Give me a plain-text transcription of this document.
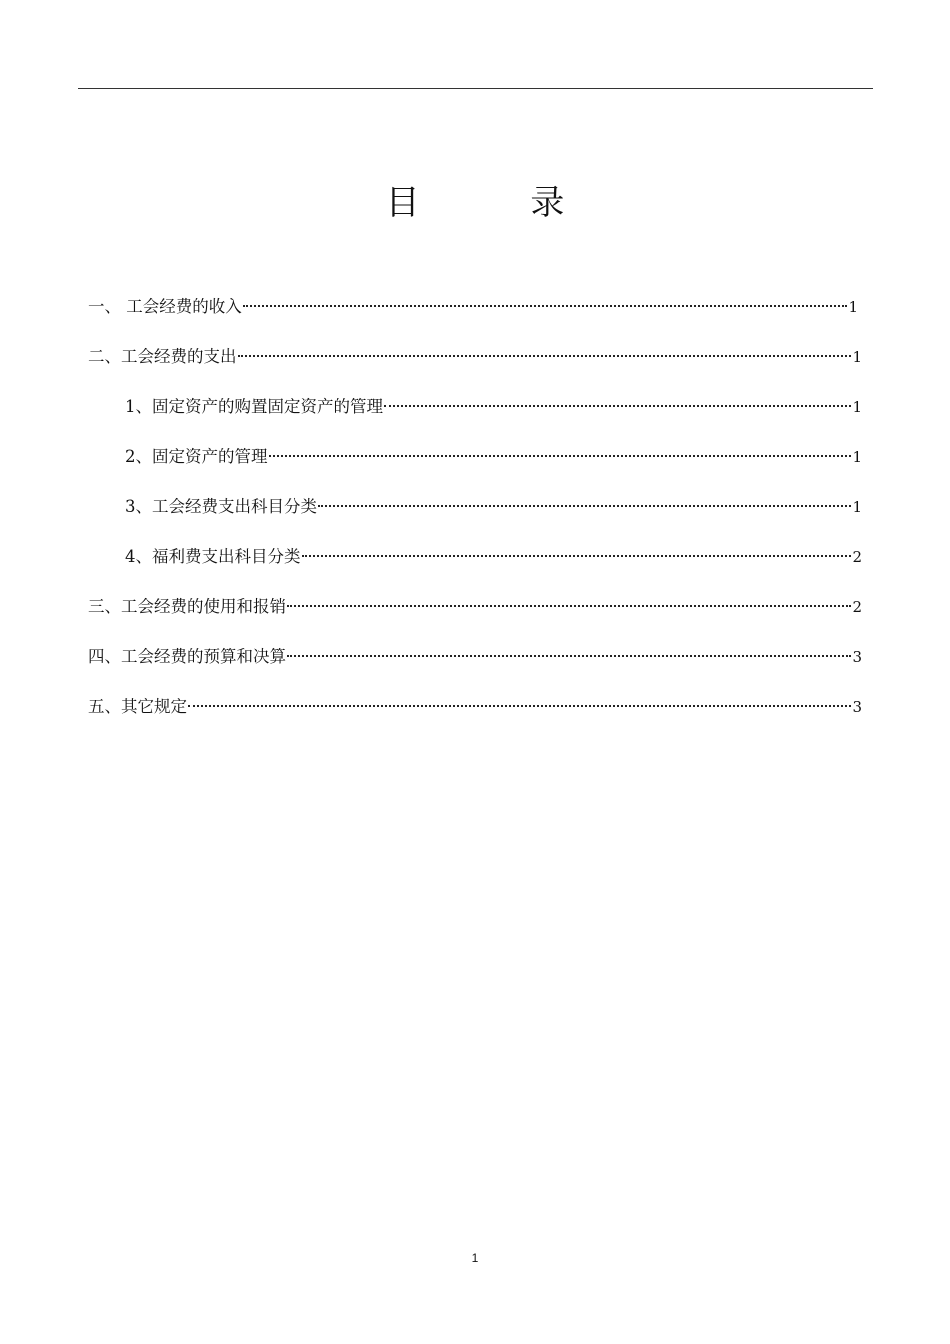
目 录
一、 工会经费的收入	1
二、工会经费的支出	1
1、固定资产的购置固定资产的管理	1
2、固定资产的管理	1
3、工会经费支出科目分类	1
4、福利费支出科目分类	2
三、工会经费的使用和报销	2
四、工会经费的预算和决算	3
五、其它规定	3
1
